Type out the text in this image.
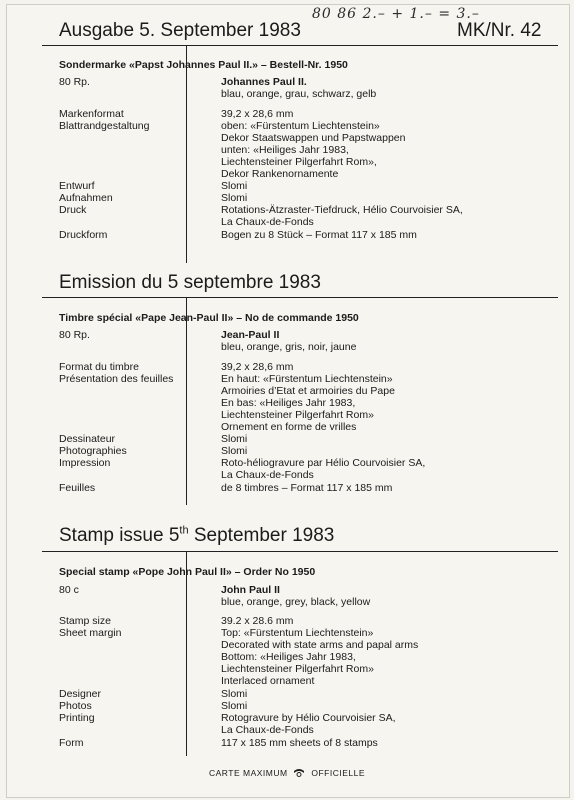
80 86 2.– + 1.– = 3.–
Ausgabe 5. September 1983	MK/Nr. 42
Sondermarke «Papst Johannes Paul II.» – Bestell-Nr. 1950
80 Rp.	Johannes Paul II.
blau, orange, grau, schwarz, gelb
Markenformat	39,2 x 28,6 mm
Blattrandgestaltung	oben: «Fürstentum Liechtenstein»
Dekor Staatswappen und Papstwappen
unten: «Heiliges Jahr 1983,
Liechtensteiner Pilgerfahrt Rom»,
Dekor Rankenornamente
Entwurf	Slomi
Aufnahmen	Slomi
Druck	Rotations-Ätzraster-Tiefdruck, Hélio Courvoisier SA,
La Chaux-de-Fonds
Druckform	Bogen zu 8 Stück – Format 117 x 185 mm
Emission du 5 septembre 1983
Timbre spécial «Pape Jean-Paul II» – No de commande 1950
80 Rp.	Jean-Paul II
bleu, orange, gris, noir, jaune
Format du timbre	39,2 x 28,6 mm
Présentation des feuilles	En haut: «Fürstentum Liechtenstein»
Armoiries d’Etat et armoiries du Pape
En bas: «Heiliges Jahr 1983,
Liechtensteiner Pilgerfahrt Rom»
Ornement en forme de vrilles
Dessinateur	Slomi
Photographies	Slomi
Impression	Roto-héliogravure par Hélio Courvoisier SA,
La Chaux-de-Fonds
Feuilles	de 8 timbres – Format 117 x 185 mm
Stamp issue 5th September 1983
Special stamp «Pope John Paul II» – Order No 1950
80 c	John Paul II
blue, orange, grey, black, yellow
Stamp size	39.2 x 28.6 mm
Sheet margin	Top: «Fürstentum Liechtenstein»
Decorated with state arms and papal arms
Bottom: «Heiliges Jahr 1983,
Liechtensteiner Pilgerfahrt Rom»
Interlaced ornament
Designer	Slomi
Photos	Slomi
Printing	Rotogravure by Hélio Courvoisier SA,
La Chaux-de-Fonds
Form	117 x 185 mm sheets of 8 stamps
CARTE MAXIMUM	OFFICIELLE
